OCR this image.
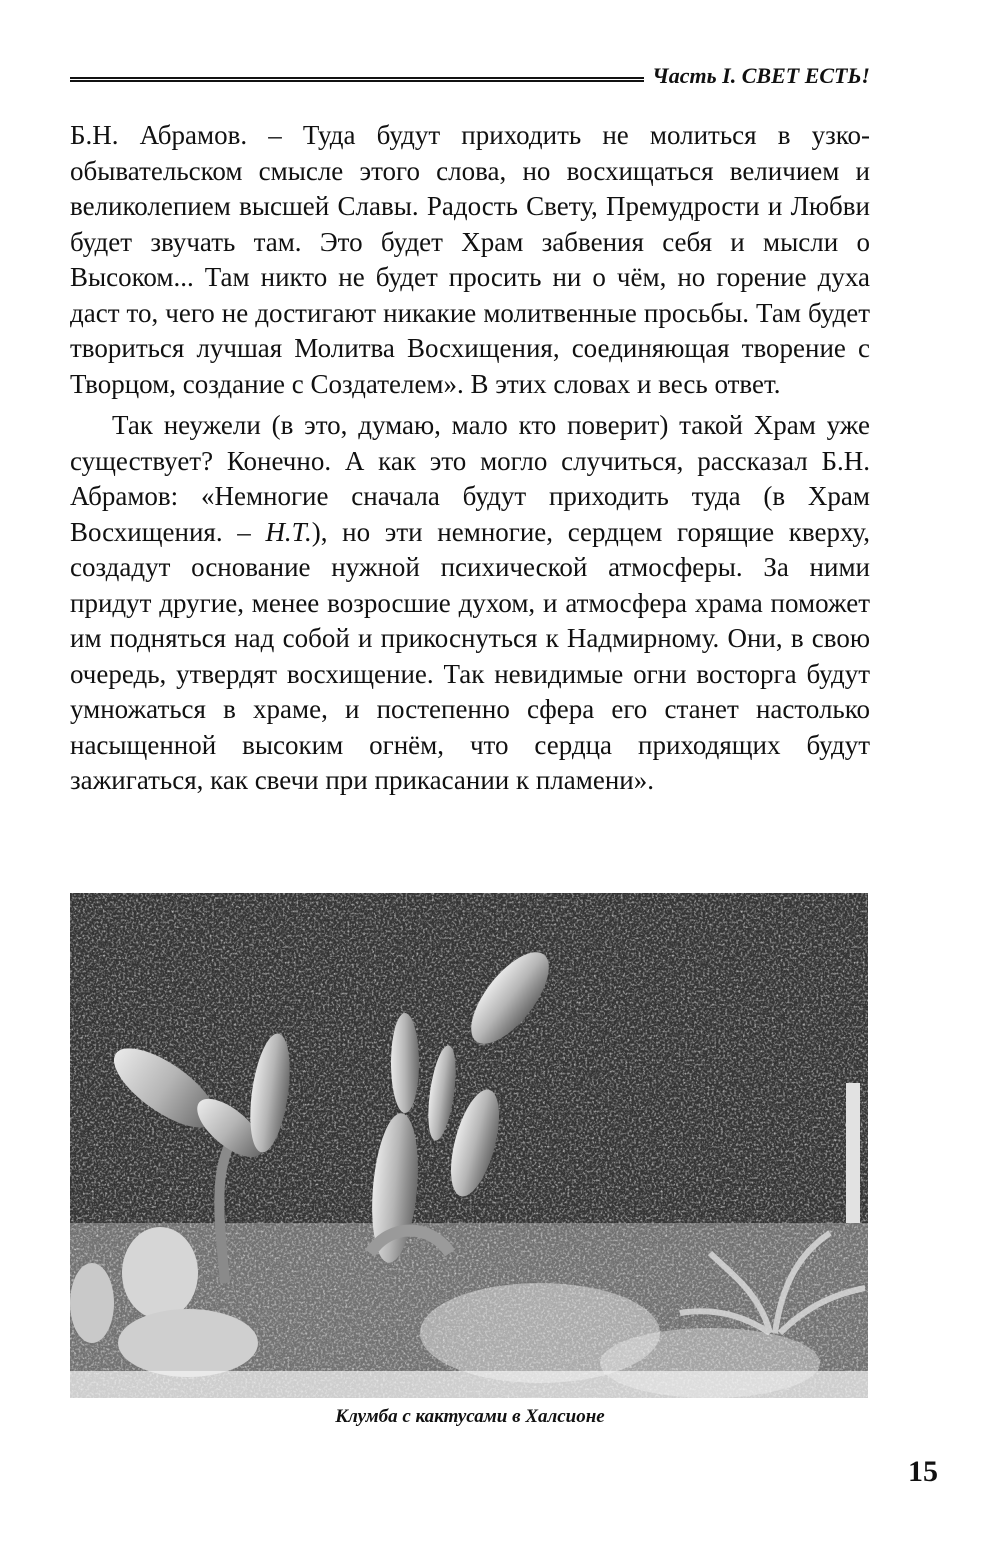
Часть I. СВЕТ ЕСТЬ!

Б.Н. Абрамов. – Туда будут приходить не молиться в узкообывательском смысле этого слова, но восхищаться величием и великолепием высшей Славы. Радость Свету, Премудрости и Любви будет звучать там. Это будет Храм забвения себя и мысли о Высоком... Там никто не будет просить ни о чём, но горение духа даст то, чего не достигают никакие молитвенные просьбы. Там будет твориться лучшая Молитва Восхищения, соединяющая творение с Творцом, создание с Создателем». В этих словах и весь ответ.

Так неужели (в это, думаю, мало кто поверит) такой Храм уже существует? Конечно. А как это могло случиться, рассказал Б.Н. Абрамов: «Немногие сначала будут приходить туда (в Храм Восхищения. – Н.Т.), но эти немногие, сердцем горящие кверху, создадут основание нужной психической атмосферы. За ними придут другие, менее возросшие духом, и атмосфера храма поможет им подняться над собой и прикоснуться к Надмирному. Они, в свою очередь, утвердят восхищение. Так невидимые огни восторга будут умножаться в храме, и постепенно сфера его станет настолько насыщенной высоким огнём, что сердца приходящих будут зажигаться, как свечи при прикасании к пламени».

Клумба с кактусами в Халсионе
15
